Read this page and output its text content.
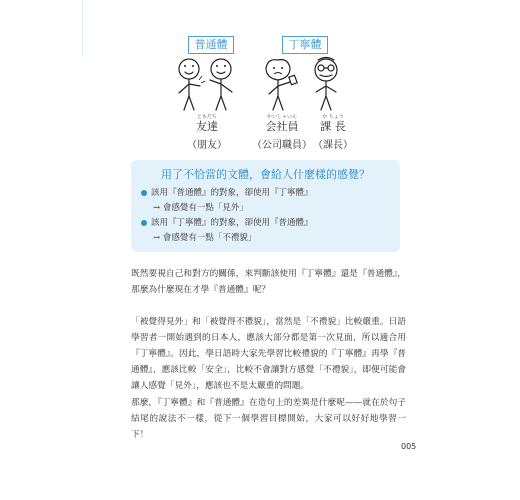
普通體	丁寧體
ともだち
友達
（朋友）
かいしゃいん
会社員
（公司職員）
か ちょう
課 長
（課長）
用了不恰當的文體，會給人什麼樣的感覺？
該用『普通體』的對象，卻使用『丁寧體』
→ 會感覺有一點「見外」
該用『丁寧體』的對象，卻使用『普通體』
→ 會感覺有一點「不禮貌」
既然要視自己和對方的關係，來判斷該使用『丁寧體』還是『普通體』，那麼為什麼現在才學『普通體』呢？
「被覺得見外」和「被覺得不禮貌」，當然是「不禮貌」比較嚴重。日語學習者一開始遇到的日本人，應該大部分都是第一次見面，所以適合用『丁寧體』。因此，學日語時大家先學習比較禮貌的『丁寧體』再學『普通體』，應該比較「安全」，比較不會讓對方感覺「不禮貌」，即便可能會讓人感覺「見外」，應該也不是太嚴重的問題。
那麼，『丁寧體』和『普通體』在造句上的差異是什麼呢——就在於句子結尾的說法不一樣，從下一個學習目標開始，大家可以好好地學習一下！
005
